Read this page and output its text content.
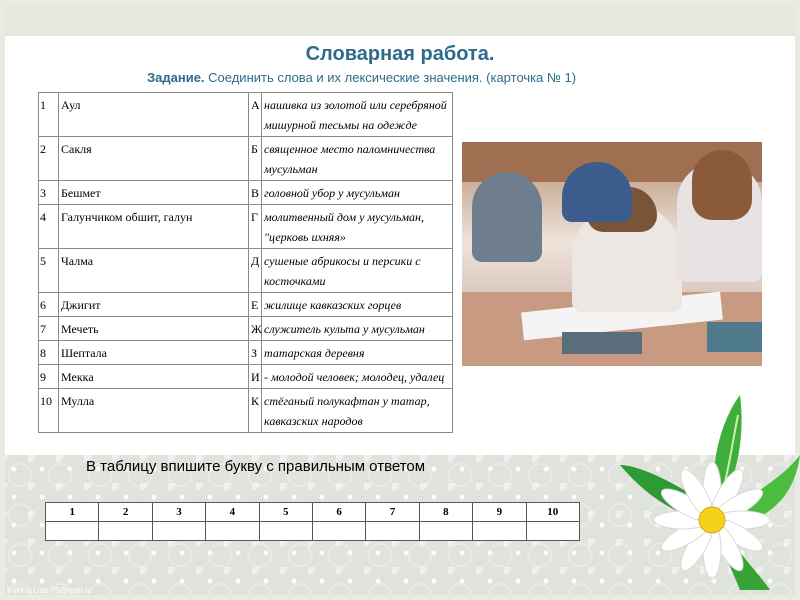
Словарная работа.

Задание. Соединить слова и их лексические значения. (карточка № 1)

1	Аул	А	нашивка из золотой или серебряной мишурной тесьмы на одежде
2	Сакля	Б	священное место паломничества мусульман
3	Бешмет	В	головной убор у мусульман
4	Галунчиком обшит, галун	Г	молитвенный дом у мусульман, "церковь ихняя»
5	Чалма	Д	сушеные абрикосы и персики с косточками
6	Джигит	Е	жилище кавказских горцев
7	Мечеть	Ж	служитель культа у мусульман
8	Шептала	З	татарская деревня
9	Мекка	И	- молодой человек; молодец, удалец
10	Мулла	К	стёганый полукафтан у татар, кавказских народов

В таблицу впишите букву с правильным ответом

1	2	3	4	5	6	7	8	9	10

Fokina Lida 75@mail.ru
